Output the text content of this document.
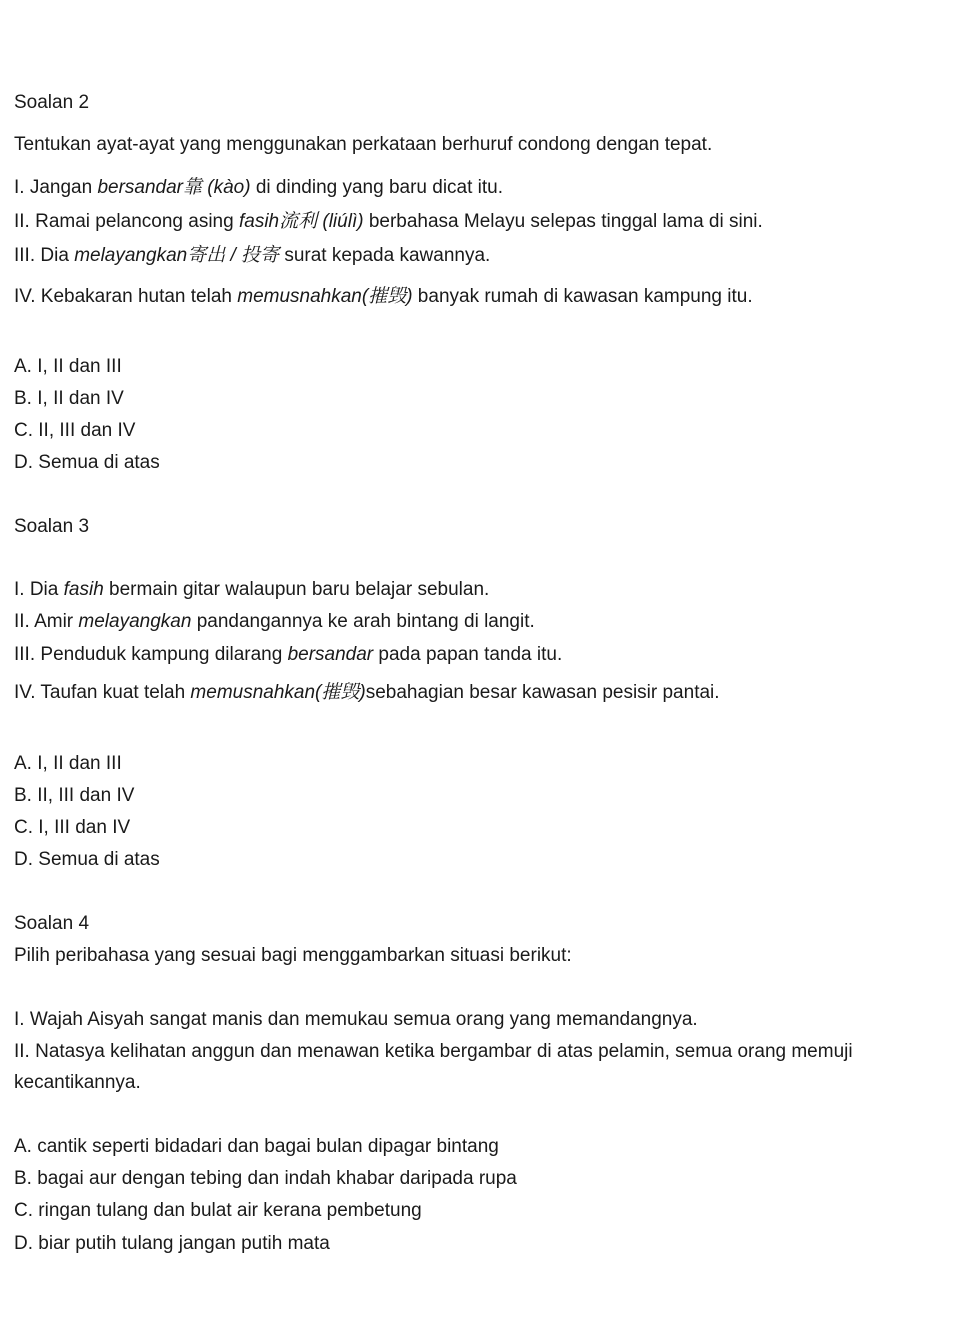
Soalan 2
Tentukan ayat-ayat yang menggunakan perkataan berhuruf condong dengan tepat.
I. Jangan bersandar靠 (kào) di dinding yang baru dicat itu.
II. Ramai pelancong asing fasih流利 (liúlì) berbahasa Melayu selepas tinggal lama di sini.
III. Dia melayangkan寄出 / 投寄 surat kepada kawannya.
IV. Kebakaran hutan telah memusnahkan(摧毁) banyak rumah di kawasan kampung itu.
A. I, II dan III
B. I, II dan IV
C. II, III dan IV
D. Semua di atas
Soalan 3
I. Dia fasih bermain gitar walaupun baru belajar sebulan.
II. Amir melayangkan pandangannya ke arah bintang di langit.
III. Penduduk kampung dilarang bersandar pada papan tanda itu.
IV. Taufan kuat telah memusnahkan(摧毁)sebahagian besar kawasan pesisir pantai.
A. I, II dan III
B. II, III dan IV
C. I, III dan IV
D. Semua di atas
Soalan 4
Pilih peribahasa yang sesuai bagi menggambarkan situasi berikut:
I. Wajah Aisyah sangat manis dan memukau semua orang yang memandangnya.
II. Natasya kelihatan anggun dan menawan ketika bergambar di atas pelamin, semua orang memuji
kecantikannya.
A. cantik seperti bidadari dan bagai bulan dipagar bintang
B. bagai aur dengan tebing dan indah khabar daripada rupa
C. ringan tulang dan bulat air kerana pembetung
D. biar putih tulang jangan putih mata
